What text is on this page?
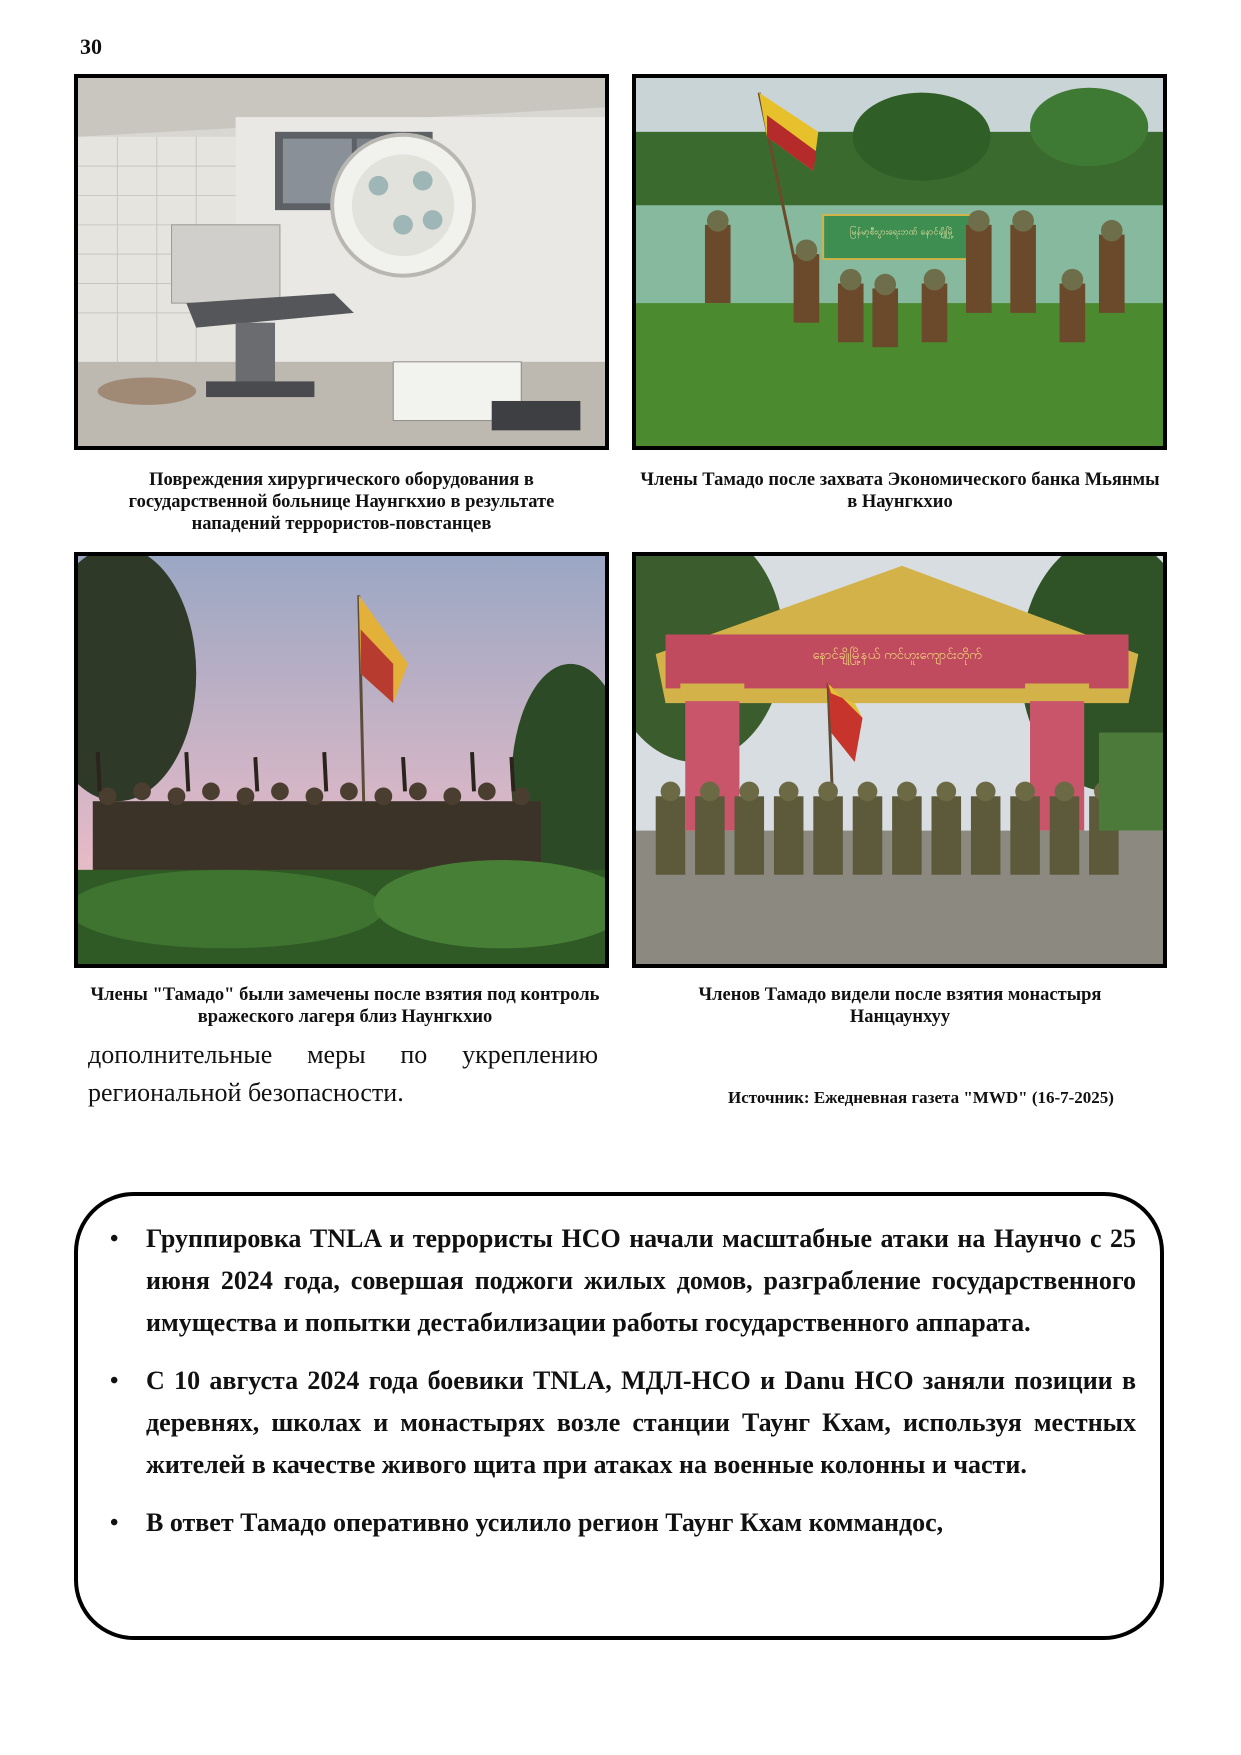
30
မြန်မာ့စီးပွားရေးဘဏ် နောင်ချိုမြို့
Повреждения хирургического оборудования в государственной больнице Наунгкхио в результате нападений террористов-повстанцев
Члены Тамадо после захвата Экономического банка Мьянмы в Наунгкхио
နောင်ချိုမြို့နယ် ကင်ဟူးကျောင်းတိုက်
Члены "Тамадо" были замечены после взятия под контроль вражеского лагеря близ Наунгкхио
Членов Тамадо видели после взятия монастыря Нанцаунхуу
дополнительные меры по укреплению региональной безопасности.	Источник: Ежедневная газета "MWD" (16-7-2025)
• Группировка TNLA и террористы НСО начали масштабные атаки на Наунчо с 25 июня 2024 года, совершая поджоги жилых домов, разграбление государственного имущества и попытки дестабилизации работы государственного аппарата.
• С 10 августа 2024 года боевики TNLA, МДЛ-НСО и Danu НСО заняли позиции в деревнях, школах и монастырях возле станции Таунг Кхам, используя местных жителей в качестве живого щита при атаках на военные колонны и части.
• В ответ Тамадо оперативно усилило регион Таунг Кхам коммандос,
